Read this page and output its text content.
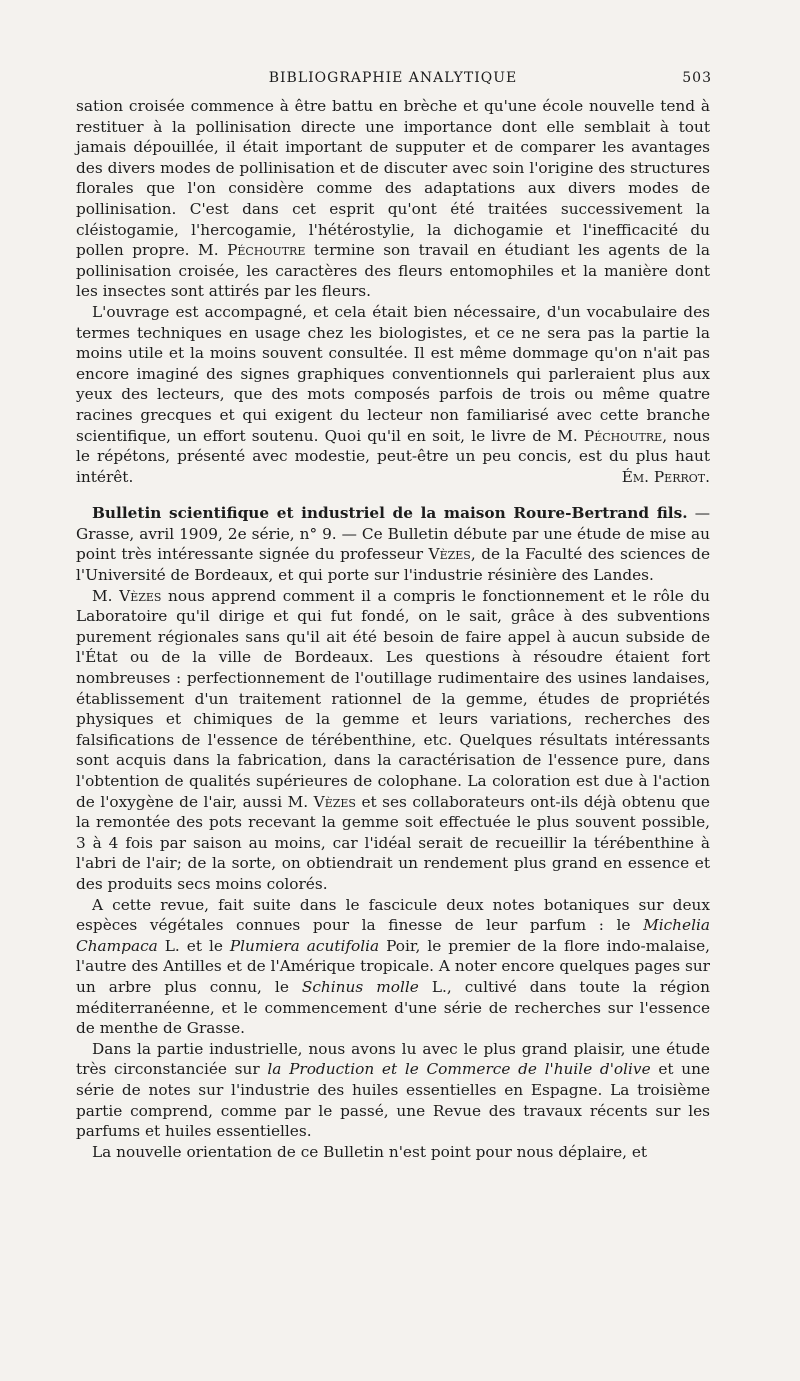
BIBLIOGRAPHIE ANALYTIQUE	503

sation croisée commence à être battu en brèche et qu'une école nouvelle tend à restituer à la pollinisation directe une importance dont elle semblait à tout jamais dépouillée, il était important de supputer et de comparer les avantages des divers modes de pollinisation et de discuter avec soin l'origine des structures florales que l'on considère comme des adaptations aux divers modes de pollinisation. C'est dans cet esprit qu'ont été traitées successivement la cléistogamie, l'hercogamie, l'hétérostylie, la dichogamie et l'inefficacité du pollen propre. M. Péchoutre termine son travail en étudiant les agents de la pollinisation croisée, les caractères des fleurs entomophiles et la manière dont les insectes sont attirés par les fleurs.

L'ouvrage est accompagné, et cela était bien nécessaire, d'un vocabulaire des termes techniques en usage chez les biologistes, et ce ne sera pas la partie la moins utile et la moins souvent consultée. Il est même dommage qu'on n'ait pas encore imaginé des signes graphiques conventionnels qui parleraient plus aux yeux des lecteurs, que des mots composés parfois de trois ou même quatre racines grecques et qui exigent du lecteur non familiarisé avec cette branche scientifique, un effort soutenu. Quoi qu'il en soit, le livre de M. Péchoutre, nous le répétons, présenté avec modestie, peut-être un peu concis, est du plus haut intérêt.	Ém. Perrot.

Bulletin scientifique et industriel de la maison Roure-Bertrand fils. — Grasse, avril 1909, 2e série, n° 9. — Ce Bulletin débute par une étude de mise au point très intéressante signée du professeur Vèzes, de la Faculté des sciences de l'Université de Bordeaux, et qui porte sur l'industrie résinière des Landes.

M. Vèzes nous apprend comment il a compris le fonctionnement et le rôle du Laboratoire qu'il dirige et qui fut fondé, on le sait, grâce à des subventions purement régionales sans qu'il ait été besoin de faire appel à aucun subside de l'État ou de la ville de Bordeaux. Les questions à résoudre étaient fort nombreuses : perfectionnement de l'outillage rudimentaire des usines landaises, établissement d'un traitement rationnel de la gemme, études de propriétés physiques et chimiques de la gemme et leurs variations, recherches des falsifications de l'essence de térébenthine, etc. Quelques résultats intéressants sont acquis dans la fabrication, dans la caractérisation de l'essence pure, dans l'obtention de qualités supérieures de colophane. La coloration est due à l'action de l'oxygène de l'air, aussi M. Vèzes et ses collaborateurs ont-ils déjà obtenu que la remontée des pots recevant la gemme soit effectuée le plus souvent possible, 3 à 4 fois par saison au moins, car l'idéal serait de recueillir la térébenthine à l'abri de l'air; de la sorte, on obtiendrait un rendement plus grand en essence et des produits secs moins colorés.

A cette revue, fait suite dans le fascicule deux notes botaniques sur deux espèces végétales connues pour la finesse de leur parfum : le Michelia Champaca L. et le Plumiera acutifolia Poir, le premier de la flore indo-malaise, l'autre des Antilles et de l'Amérique tropicale. A noter encore quelques pages sur un arbre plus connu, le Schinus molle L., cultivé dans toute la région méditerranéenne, et le commencement d'une série de recherches sur l'essence de menthe de Grasse.

Dans la partie industrielle, nous avons lu avec le plus grand plaisir, une étude très circonstanciée sur la Production et le Commerce de l'huile d'olive et une série de notes sur l'industrie des huiles essentielles en Espagne. La troisième partie comprend, comme par le passé, une Revue des travaux récents sur les parfums et huiles essentielles.

La nouvelle orientation de ce Bulletin n'est point pour nous déplaire, et
